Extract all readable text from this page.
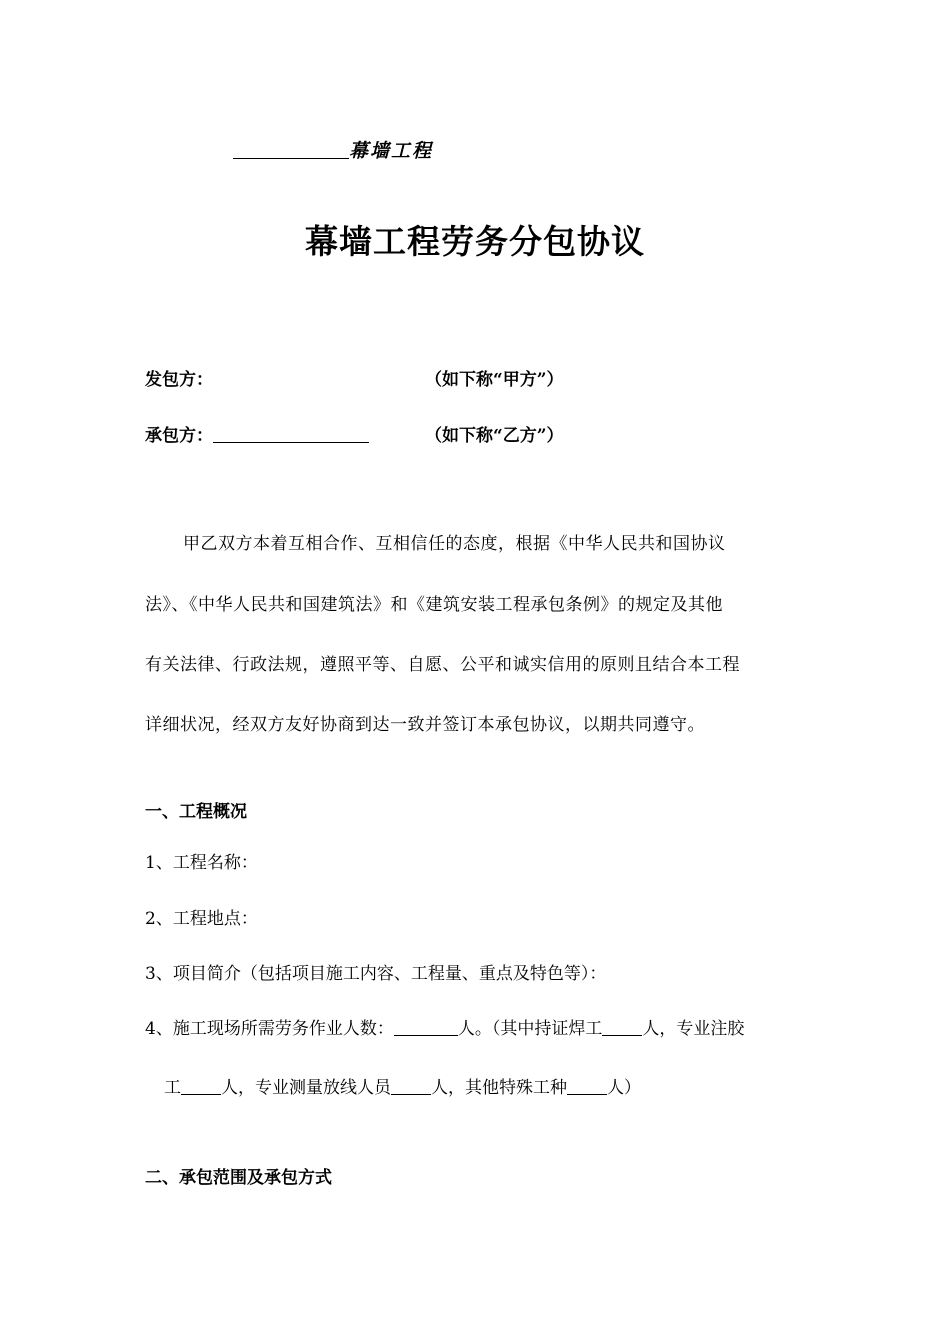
幕墙工程
幕墙工程劳务分包协议
发包方：	（如下称“甲方”）
承包方：	（如下称“乙方”）
甲乙双方本着互相合作、互相信任的态度，根据《中华人民共和国协议
法》、《中华人民共和国建筑法》和《建筑安装工程承包条例》的规定及其他
有关法律、行政法规，遵照平等、自愿、公平和诚实信用的原则且结合本工程
详细状况，经双方友好协商到达一致并签订本承包协议，以期共同遵守。
一、工程概况
1、工程名称：
2、工程地点：
3、项目简介（包括项目施工内容、工程量、重点及特色等）：
4、施工现场所需劳务作业人数：	人。（其中持证焊工 人，专业注胶
工 人，专业测量放线人员 人，其他特殊工种 人）
二、承包范围及承包方式
